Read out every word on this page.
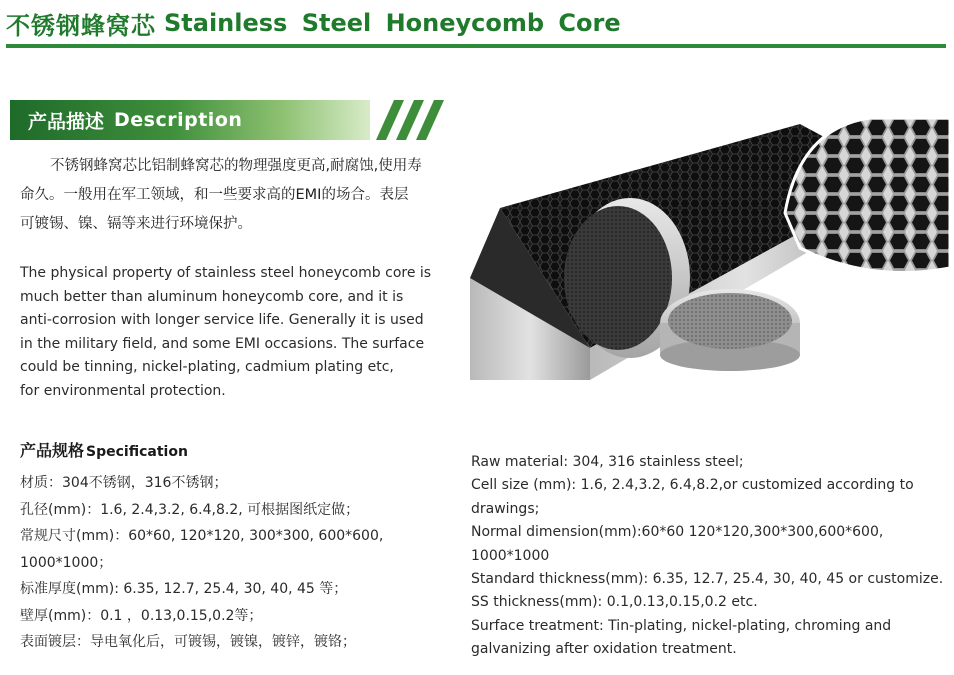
不锈钢蜂窝芯 Stainless Steel Honeycomb Core
产品描述 Description
不锈钢蜂窝芯比铝制蜂窝芯的物理强度更高,耐腐蚀,使用寿
命久。一般用在军工领域，和一些要求高的EMI的场合。表层
可镀锡、镍、镉等来进行环境保护。
The physical property of stainless steel honeycomb core is
much better than aluminum honeycomb core, and it is
anti-corrosion with longer service life. Generally it is used
in the military field, and some EMI occasions. The surface
could be tinning, nickel-plating, cadmium plating etc,
for environmental protection.
产品规格 Specification
材质：304不锈钢，316不锈钢；
孔径(mm)：1.6, 2.4,3.2, 6.4,8.2, 可根据图纸定做；
常规尺寸(mm)：60*60, 120*120, 300*300, 600*600,
1000*1000；
标准厚度(mm): 6.35, 12.7, 25.4, 30, 40, 45 等；
壁厚(mm)：0.1 ，0.13,0.15,0.2等；
表面镀层：导电氧化后，可镀锡，镀镍，镀锌，镀铬；
Raw material: 304, 316 stainless steel;
Cell size (mm): 1.6, 2.4,3.2, 6.4,8.2,or customized according to
drawings;
Normal dimension(mm):60*60 120*120,300*300,600*600,
1000*1000
Standard thickness(mm): 6.35, 12.7, 25.4, 30, 40, 45 or customize.
SS thickness(mm): 0.1,0.13,0.15,0.2 etc.
Surface treatment: Tin-plating, nickel-plating, chroming and
galvanizing after oxidation treatment.
